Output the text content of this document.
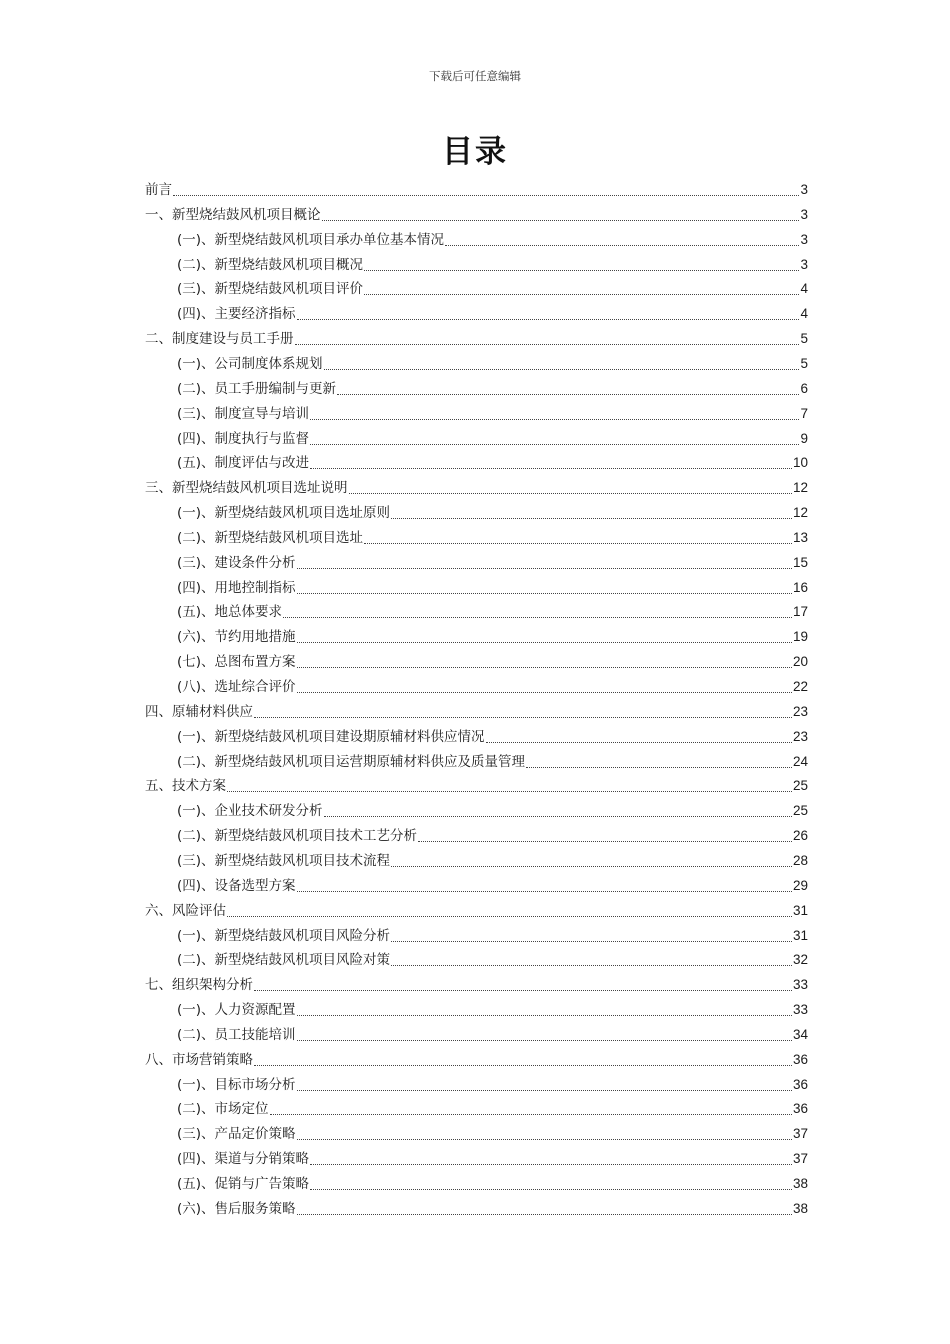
下载后可任意编辑
目录
前言	3
一、新型烧结鼓风机项目概论	3
(一)、新型烧结鼓风机项目承办单位基本情况	3
(二)、新型烧结鼓风机项目概况	3
(三)、新型烧结鼓风机项目评价	4
(四)、主要经济指标	4
二、制度建设与员工手册	5
(一)、公司制度体系规划	5
(二)、员工手册编制与更新	6
(三)、制度宣导与培训	7
(四)、制度执行与监督	9
(五)、制度评估与改进	10
三、新型烧结鼓风机项目选址说明	12
(一)、新型烧结鼓风机项目选址原则	12
(二)、新型烧结鼓风机项目选址	13
(三)、建设条件分析	15
(四)、用地控制指标	16
(五)、地总体要求	17
(六)、节约用地措施	19
(七)、总图布置方案	20
(八)、选址综合评价	22
四、原辅材料供应	23
(一)、新型烧结鼓风机项目建设期原辅材料供应情况	23
(二)、新型烧结鼓风机项目运营期原辅材料供应及质量管理	24
五、技术方案	25
(一)、企业技术研发分析	25
(二)、新型烧结鼓风机项目技术工艺分析	26
(三)、新型烧结鼓风机项目技术流程	28
(四)、设备选型方案	29
六、风险评估	31
(一)、新型烧结鼓风机项目风险分析	31
(二)、新型烧结鼓风机项目风险对策	32
七、组织架构分析	33
(一)、人力资源配置	33
(二)、员工技能培训	34
八、市场营销策略	36
(一)、目标市场分析	36
(二)、市场定位	36
(三)、产品定价策略	37
(四)、渠道与分销策略	37
(五)、促销与广告策略	38
(六)、售后服务策略	38
